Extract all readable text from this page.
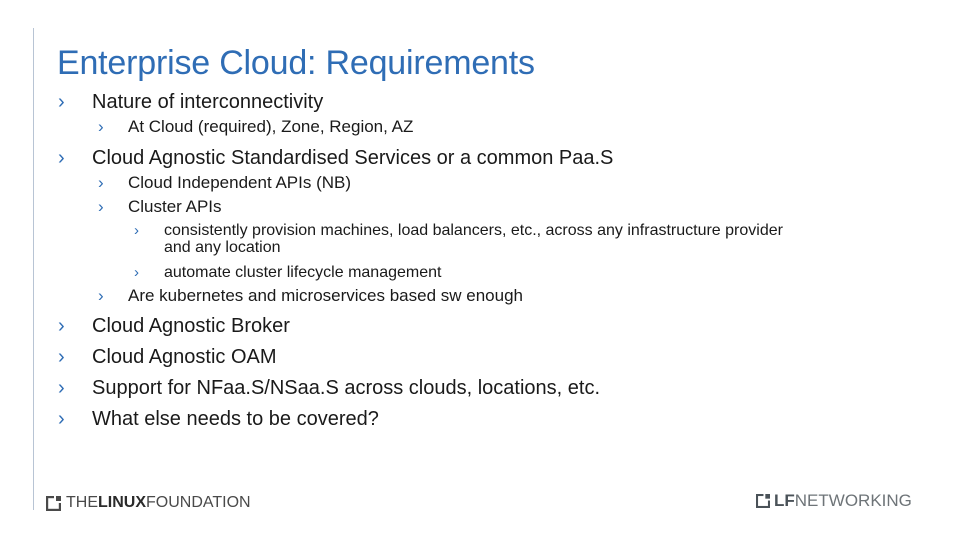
Enterprise Cloud: Requirements
› Nature of interconnectivity
› At Cloud (required), Zone, Region, AZ
› Cloud Agnostic Standardised Services or a common Paa.S
› Cloud Independent APIs (NB)
› Cluster APIs
› consistently provision machines, load balancers, etc., across any infrastructure provider
and any location
› automate cluster lifecycle management
› Are kubernetes and microservices based sw enough
› Cloud Agnostic Broker
› Cloud Agnostic OAM
› Support for NFaa.S/NSaa.S across clouds, locations, etc.
› What else needs to be covered?
THELINUXFOUNDATION	LFNETWORKING
